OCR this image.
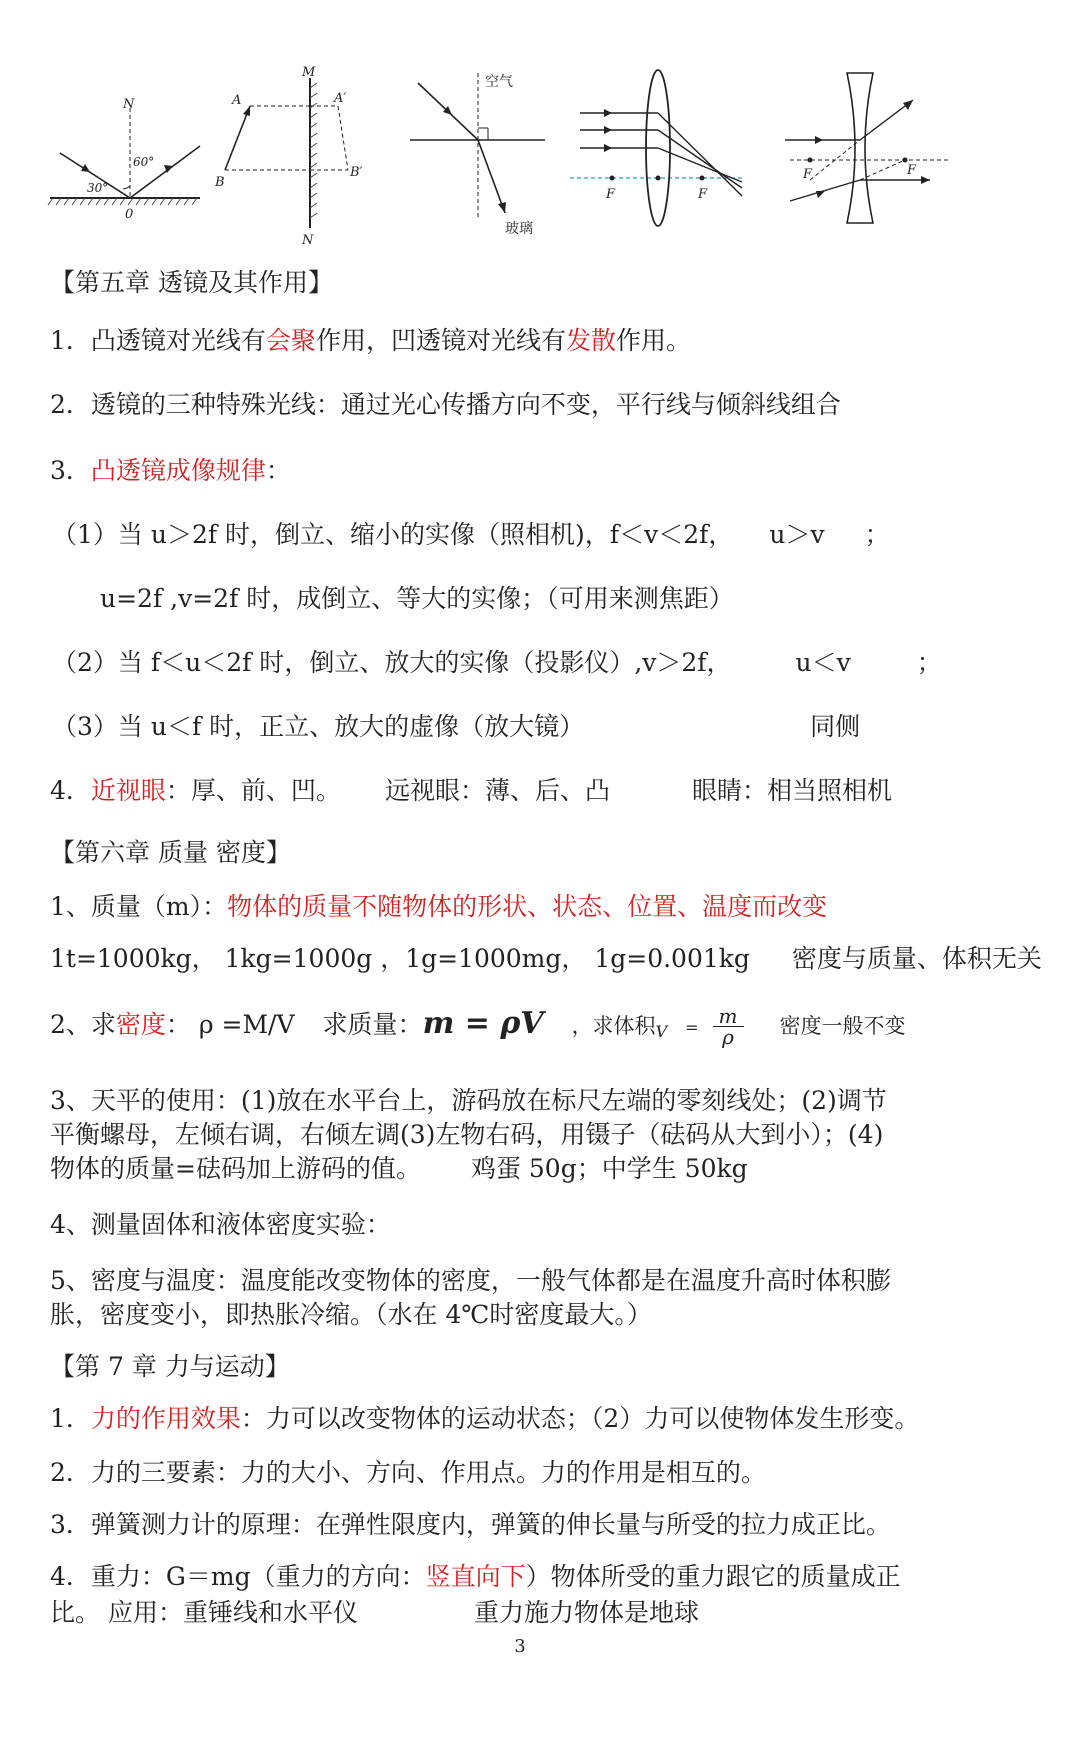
N
60°
30°
0
M
N
A	A′
B
B′
空气
玻璃
F	F
F	F
【第五章 透镜及其作用】
1．凸透镜对光线有会聚作用，凹透镜对光线有发散作用。
2．透镜的三种特殊光线：通过光心传播方向不变，平行线与倾斜线组合
3．凸透镜成像规律：
（1）当 u＞2f 时，倒立、缩小的实像（照相机)，f＜v＜2f， u＞v ；
u=2f ,v=2f 时，成倒立、等大的实像；（可用来测焦距）
（2）当 f＜u＜2f 时，倒立、放大的实像（投影仪）,v＞2f，	u＜v	；
（3）当 u＜f 时，正立、放大的虚像（放大镜）	同侧
4．近视眼：厚、前、凹。 远视眼：薄、后、凸	眼睛：相当照相机
【第六章 质量 密度】
1、质量（m）：物体的质量不随物体的形状、状态、位置、温度而改变
1t=1000kg， 1kg=1000g ，1g=1000mg， 1g=0.001kg 密度与质量、体积无关
2、求密度： ρ =M/V 求质量：m = ρV ，求体积$V = \frac{m}{\rho}$ 密度一般不变
3、天平的使用：(1)放在水平台上，游码放在标尺左端的零刻线处；(2)调节
平衡螺母，左倾右调，右倾左调(3)左物右码，用镊子（砝码从大到小）；(4)
物体的质量=砝码加上游码的值。 鸡蛋 50g；中学生 50kg
4、测量固体和液体密度实验：
5、密度与温度：温度能改变物体的密度，一般气体都是在温度升高时体积膨
胀，密度变小，即热胀冷缩。（水在 4℃时密度最大。）
【第 7 章 力与运动】
1．力的作用效果：力可以改变物体的运动状态；（2）力可以使物体发生形变。
2．力的三要素：力的大小、方向、作用点。力的作用是相互的。
3．弹簧测力计的原理：在弹性限度内，弹簧的伸长量与所受的拉力成正比。
4．重力：G＝mg（重力的方向：竖直向下）物体所受的重力跟它的质量成正
比。 应用：重锤线和水平仪	重力施力物体是地球
3
